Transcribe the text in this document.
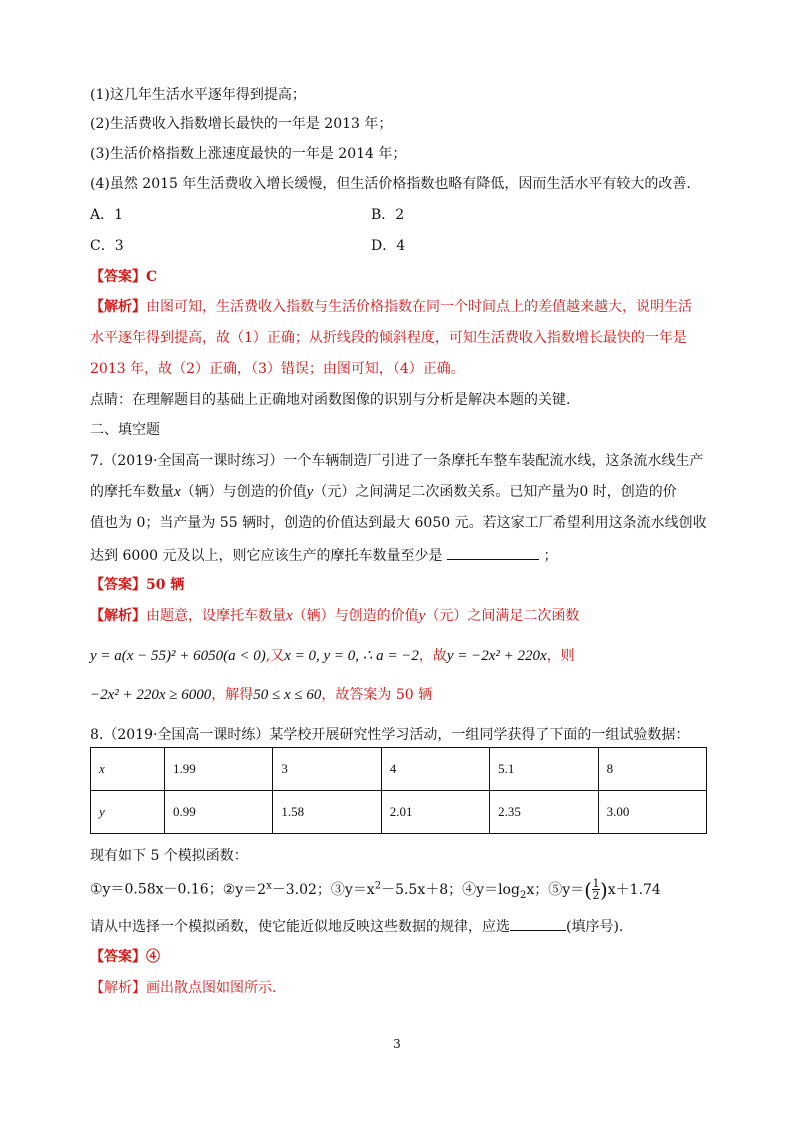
(1)这几年生活水平逐年得到提高；
(2)生活费收入指数增长最快的一年是 2013 年；
(3)生活价格指数上涨速度最快的一年是 2014 年；
(4)虽然 2015 年生活费收入增长缓慢，但生活价格指数也略有降低，因而生活水平有较大的改善.
A．1	B．2
C．3	D．4
【答案】C
【解析】由图可知，生活费收入指数与生活价格指数在同一个时间点上的差值越来越大，说明生活
水平逐年得到提高，故（1）正确；从折线段的倾斜程度，可知生活费收入指数增长最快的一年是
2013 年，故（2）正确，（3）错误；由图可知，（4）正确。
点睛：在理解题目的基础上正确地对函数图像的识别与分析是解决本题的关键.
二、填空题
7.（2019·全国高一课时练习）一个车辆制造厂引进了一条摩托车整车装配流水线，这条流水线生产
的摩托车数量x（辆）与创造的价值y（元）之间满足二次函数关系。已知产量为0 时，创造的价
值也为 0；当产量为 55 辆时，创造的价值达到最大 6050 元。若这家工厂希望利用这条流水线创收
达到 6000 元及以上，则它应该生产的摩托车数量至少是	；
【答案】50 辆
【解析】由题意，设摩托车数量x（辆）与创造的价值y（元）之间满足二次函数
y = a(x − 55)² + 6050(a < 0),又x = 0, y = 0, ∴ a = −2，故y = −2x² + 220x，则
−2x² + 220x ≥ 6000，解得50 ≤ x ≤ 60，故答案为 50 辆
8.（2019·全国高一课时练）某学校开展研究性学习活动，一组同学获得了下面的一组试验数据：
x	1.99	3	4	5.1	8
y	0.99	1.58	2.01	2.35	3.00
现有如下 5 个模拟函数：
①y＝0.58x－0.16；$②y=2^x-3.02$；$③y=x^2-5.5x+8$；$④y=\log_2x$；⑤y＝( $\frac{1}{2} )x+1.74$
请从中选择一个模拟函数，使它能近似地反映这些数据的规律，应选	(填序号).
【答案】④
【解析】画出散点图如图所示.
3
